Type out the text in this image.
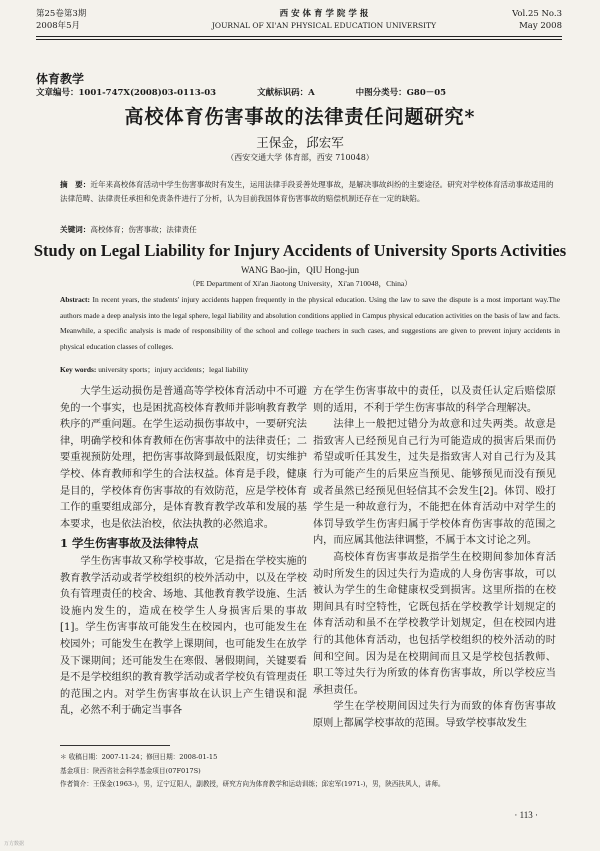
第25卷第3期
2008年5月
西 安 体 育 学 院 学 报
JOURNAL OF XI'AN PHYSICAL EDUCATION UNIVERSITY
Vol.25 No.3
May 2008
体育教学
文章编号：1001-747Ⅹ(2008)03-0113-03	文献标识码：A	中图分类号：G80－05
高校体育伤害事故的法律责任问题研究*
王保金，邱宏军
（西安交通大学 体育部，西安 710048）
摘　要：近年来高校体育活动中学生伤害事故时有发生，运用法律手段妥善处理事故，是解决事故纠纷的主要途径。研究对学校体育活动事故适用的法律范畴、法律责任承担和免责条件进行了分析，认为目前我国体育伤害事故的赔偿机制还存在一定的缺陷。
关键词：高校体育；伤害事故；法律责任
Study on Legal Liability for Injury Accidents of University Sports Activities
WANG Bao-jin，QIU Hong-jun
（PE Department of Xi'an Jiaotong University，Xi'an 710048，China）
Abstract: In recent years, the students' injury accidents happen frequently in the physical education. Using the law to save the dispute is a most important way.The authors made a deep analysis into the legal sphere, legal liability and absolution conditions applied in Campus physical education activities on the basis of law and facts. Meanwhile, a specific analysis is made of responsibility of the school and college teachers in such cases, and suggestions are given to prevent injury accidents in physical education classes of colleges.
Key words: university sports；injury accidents；legal liability

大学生运动损伤是普通高等学校体育活动中不可避免的一个事实，也是困扰高校体育教师并影响教育教学秩序的严重问题。在学生运动损伤事故中，一要研究法律，明确学校和体育教师在伤害事故中的法律责任；二要重视预防处理，把伤害事故降到最低限度，切实维护学校、体育教师和学生的合法权益。体育是手段，健康是目的，学校体育伤害事故的有效防范，应是学校体育工作的重要组成部分，是体育教育教学改革和发展的基本要求，也是依法治校，依法执教的必然追求。

1 学生伤害事故及法律特点

学生伤害事故又称学校事故，它是指在学校实施的教育教学活动或者学校组织的校外活动中，以及在学校负有管理责任的校舍、场地、其他教育教学设施、生活设施内发生的，造成在校学生人身损害后果的事故[1]。学生伤害事故可能发生在校园内，也可能发生在校园外；可能发生在教学上课期间，也可能发生在放学及下课期间；还可能发生在寒假、暑假期间，关键要看是不是学校组织的教育教学活动或者学校负有管理责任的范围之内。对学生伤害事故在认识上产生错误和混乱，必然不利于确定当事各

方在学生伤害事故中的责任，以及责任认定后赔偿原则的适用，不利于学生伤害事故的科学合理解决。

法律上一般把过错分为故意和过失两类。故意是指致害人已经预见自己行为可能造成的损害后果而仍希望或听任其发生，过失是指致害人对自己行为及其行为可能产生的后果应当预见、能够预见而没有预见或者虽然已经预见但轻信其不会发生[2]。体罚、殴打学生是一种故意行为，不能把在体育活动中对学生的体罚导致学生伤害归属于学校体育伤害事故的范围之内，而应属其他法律调整，不属于本文讨论之列。

高校体育伤害事故是指学生在校期间参加体育活动时所发生的因过失行为造成的人身伤害事故，可以被认为学生的生命健康权受到损害。这里所指的在校期间具有时空特性，它既包括在学校教学计划规定的体育活动和虽不在学校教学计划规定，但在校园内进行的其他体育活动，也包括学校组织的校外活动的时间和空间。因为是在校期间而且又是学校包括教师、职工等过失行为所致的体育伤害事故，所以学校应当承担责任。

学生在学校期间因过失行为而致的体育伤害事故原则上都属学校事故的范围。导致学校事故发生

＊ 收稿日期：2007-11-24；修回日期：2008-01-15
基金项目：陕西省社会科学基金项目(07F017S)
作者简介：王保金(1963-)，男，辽宁辽阳人，副教授，研究方向为体育教学和运动训练；邱宏军(1971-)，男，陕西扶风人，讲师。
· 113 ·
万方数据
